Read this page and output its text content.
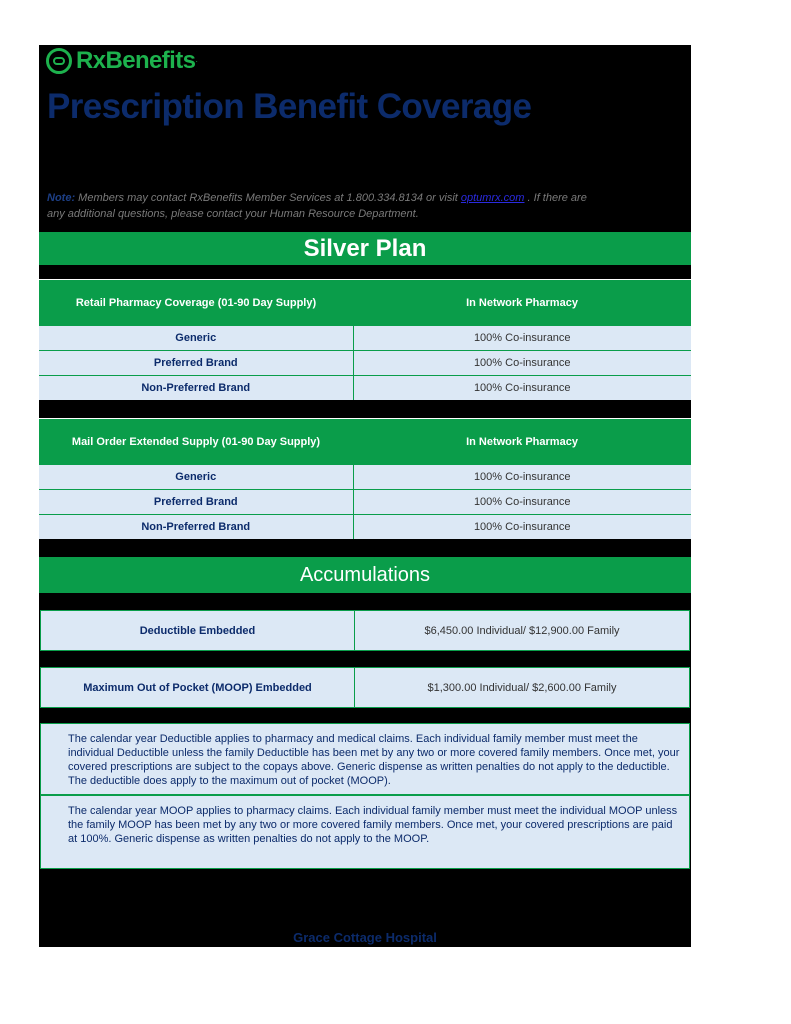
RxBenefits ·
Prescription Benefit Coverage
Note: Members may contact RxBenefits Member Services at 1.800.334.8134 or visit optumrx.com . If there are any additional questions, please contact your Human Resource Department.
Silver Plan
Retail Pharmacy Coverage (01-90 Day Supply)	In Network Pharmacy
Generic	100% Co-insurance
Preferred Brand	100% Co-insurance
Non-Preferred Brand	100% Co-insurance
Mail Order Extended Supply (01-90 Day Supply)	In Network Pharmacy
Generic	100% Co-insurance
Preferred Brand	100% Co-insurance
Non-Preferred Brand	100% Co-insurance
Accumulations
Deductible Embedded	$6,450.00 Individual/ $12,900.00 Family
Maximum Out of Pocket (MOOP) Embedded	$1,300.00 Individual/ $2,600.00 Family
The calendar year Deductible applies to pharmacy and medical claims. Each individual family member must meet the individual Deductible unless the family Deductible has been met by any two or more covered family members. Once met, your covered prescriptions are subject to the copays above. Generic dispense as written penalties do not apply to the deductible. The deductible does apply to the maximum out of pocket (MOOP).
The calendar year MOOP applies to pharmacy claims. Each individual family member must meet the individual MOOP unless the family MOOP has been met by any two or more covered family members. Once met, your covered prescriptions are paid at 100%. Generic dispense as written penalties do not apply to the MOOP.
Grace Cottage Hospital
